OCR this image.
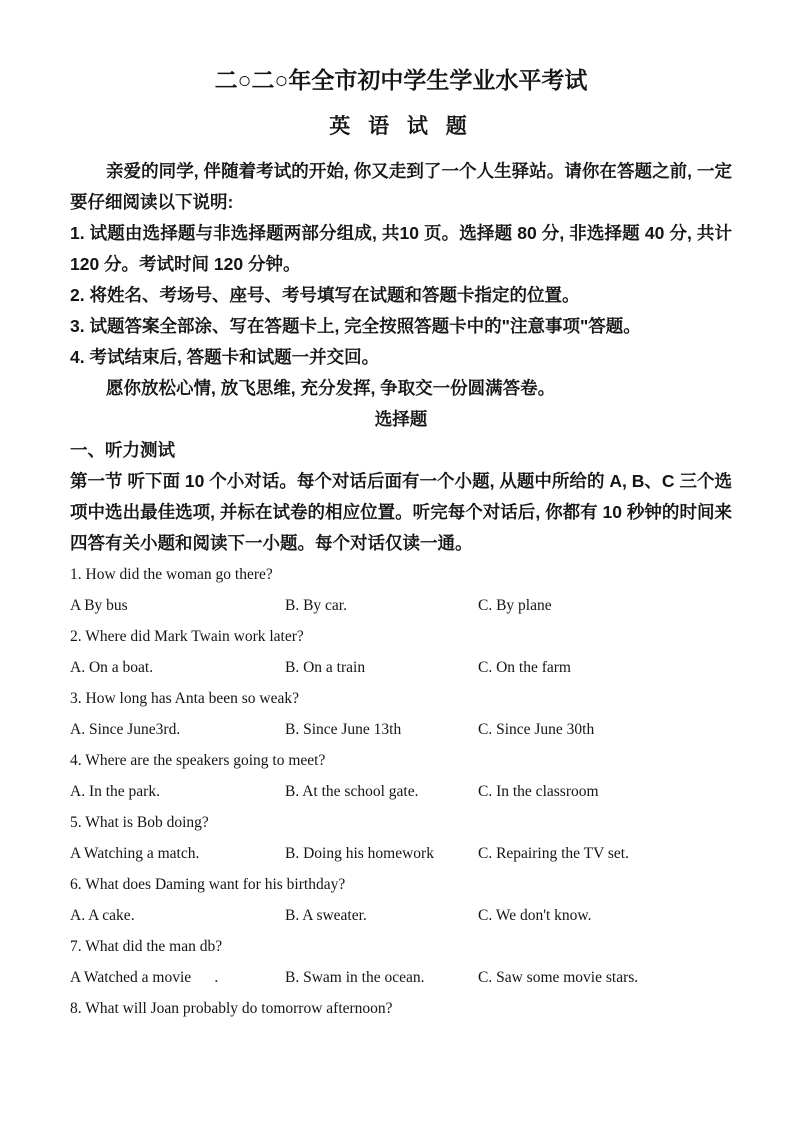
二○二○年全市初中学生学业水平考试
英 语 试 题

亲爱的同学, 伴随着考试的开始, 你又走到了一个人生驿站。请你在答题之前, 一定要仔细阅读以下说明:

1. 试题由选择题与非选择题两部分组成, 共10 页。选择题 80 分, 非选择题 40 分, 共计 120 分。考试时间 120 分钟。

2. 将姓名、考场号、座号、考号填写在试题和答题卡指定的位置。

3. 试题答案全部涂、写在答题卡上, 完全按照答题卡中的"注意事项"答题。

4. 考试结束后, 答题卡和试题一并交回。

愿你放松心情, 放飞思维, 充分发挥, 争取交一份圆满答卷。

选择题

一、听力测试

第一节 听下面 10 个小对话。每个对话后面有一个小题, 从题中所给的 A, B、C 三个选项中选出最佳选项, 并标在试卷的相应位置。听完每个对话后, 你都有 10 秒钟的时间来四答有关小题和阅读下一小题。每个对话仅读一通。

1. How did the woman go there?

A By bus	B. By car.	C. By plane

2. Where did Mark Twain work later?

A. On a boat.	B. On a train	C. On the farm

3. How long has Anta been so weak?

A. Since June3rd.	B. Since June 13th	C. Since June 30th

4. Where are the speakers going to meet?

A. In the park.	B. At the school gate.	C. In the classroom

5. What is Bob doing?

A Watching a match.	B. Doing his homework	C. Repairing the TV set.

6. What does Daming want for his birthday?

A. A cake.	B. A sweater.	C. We don't know.

7. What did the man db?

A Watched a movie      .	B. Swam in the ocean.	C. Saw some movie stars.

8. What will Joan probably do tomorrow afternoon?
